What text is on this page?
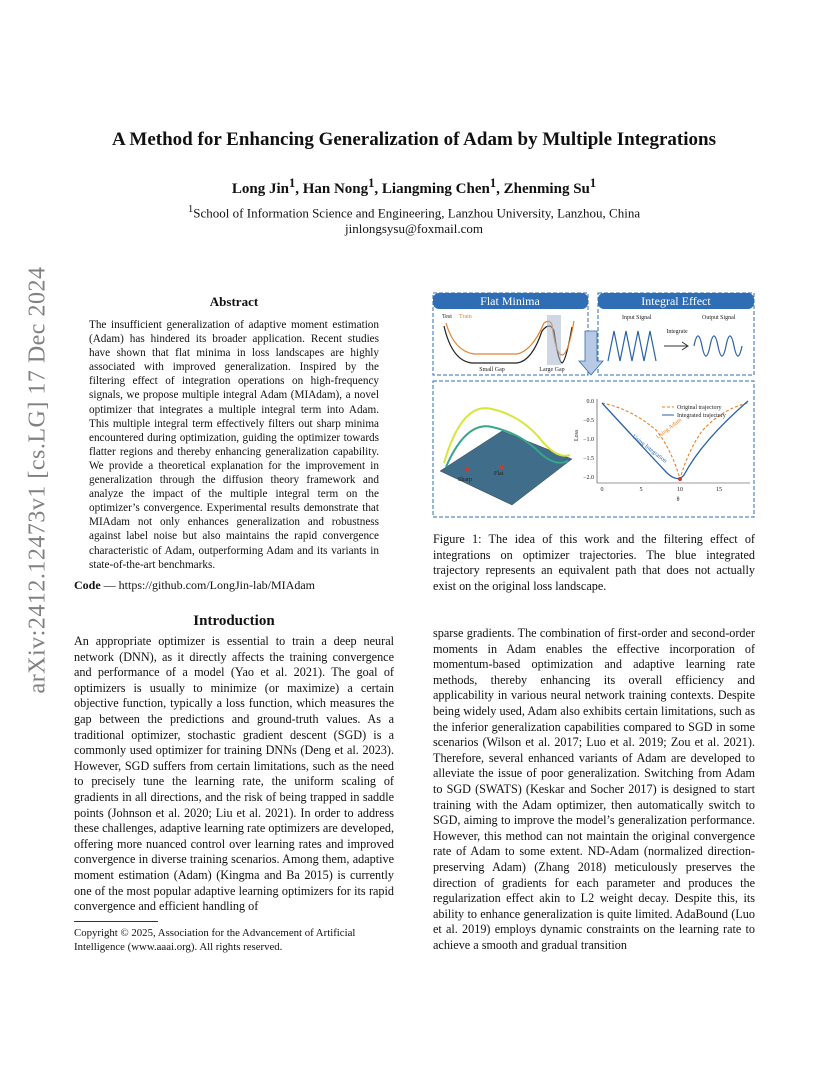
arXiv:2412.12473v1 [cs.LG] 17 Dec 2024
A Method for Enhancing Generalization of Adam by Multiple Integrations
Long Jin$^1$, Han Nong$^1$, Liangming Chen$^1$, Zhenming Su$^1$
$^1$School of Information Science and Engineering, Lanzhou University, Lanzhou, China
jinlongsysu@foxmail.com
Abstract
The insufficient generalization of adaptive moment estimation (Adam) has hindered its broader application. Recent studies have shown that flat minima in loss landscapes are highly associated with improved generalization. Inspired by the filtering effect of integration operations on high-frequency signals, we propose multiple integral Adam (MIAdam), a novel optimizer that integrates a multiple integral term into Adam. This multiple integral term effectively filters out sharp minima encountered during optimization, guiding the optimizer towards flatter regions and thereby enhancing generalization capability. We provide a theoretical explanation for the improvement in generalization through the diffusion theory framework and analyze the impact of the multiple integral term on the optimizer’s convergence. Experimental results demonstrate that MIAdam not only enhances generalization and robustness against label noise but also maintains the rapid convergence characteristic of Adam, outperforming Adam and its variants in state-of-the-art benchmarks.
Code — https://github.com/LongJin-lab/MIAdam
Introduction
An appropriate optimizer is essential to train a deep neural network (DNN), as it directly affects the training convergence and performance of a model (Yao et al. 2021). The goal of optimizers is usually to minimize (or maximize) a certain objective function, typically a loss function, which measures the gap between the predictions and ground-truth values. As a traditional optimizer, stochastic gradient descent (SGD) is a commonly used optimizer for training DNNs (Deng et al. 2023). However, SGD suffers from certain limitations, such as the need to precisely tune the learning rate, the uniform scaling of gradients in all directions, and the risk of being trapped in saddle points (Johnson et al. 2020; Liu et al. 2021). In order to address these challenges, adaptive learning rate optimizers are developed, offering more nuanced control over learning rates and improved convergence in diverse training scenarios. Among them, adaptive moment estimation (Adam) (Kingma and Ba 2015) is currently one of the most popular adaptive learning optimizers for its rapid convergence and efficient handling of
Copyright © 2025, Association for the Advancement of Artificial Intelligence (www.aaai.org). All rights reserved.
Flat Minima
Test Train
Small Gap	Large Gap
Integral Effect
Input Signal	Output Signal
Integrate
Sharp
Flat
Loss
0.0
−0.5
−1.0
−1.5
−2.0
0	5	10	15
θ
Original trajectory
Integrated trajectory
Using Adam
Using Integration
Figure 1: The idea of this work and the filtering effect of integrations on optimizer trajectories. The blue integrated trajectory represents an equivalent path that does not actually exist on the original loss landscape.
sparse gradients. The combination of first-order and second-order moments in Adam enables the effective incorporation of momentum-based optimization and adaptive learning rate methods, thereby enhancing its overall efficiency and applicability in various neural network training contexts. Despite being widely used, Adam also exhibits certain limitations, such as the inferior generalization capabilities compared to SGD in some scenarios (Wilson et al. 2017; Luo et al. 2019; Zou et al. 2021). Therefore, several enhanced variants of Adam are developed to alleviate the issue of poor generalization. Switching from Adam to SGD (SWATS) (Keskar and Socher 2017) is designed to start training with the Adam optimizer, then automatically switch to SGD, aiming to improve the model’s generalization performance. However, this method can not maintain the original convergence rate of Adam to some extent. ND-Adam (normalized direction-preserving Adam) (Zhang 2018) meticulously preserves the direction of gradients for each parameter and produces the regularization effect akin to L2 weight decay. Despite this, its ability to enhance generalization is quite limited. AdaBound (Luo et al. 2019) employs dynamic constraints on the learning rate to achieve a smooth and gradual transition
